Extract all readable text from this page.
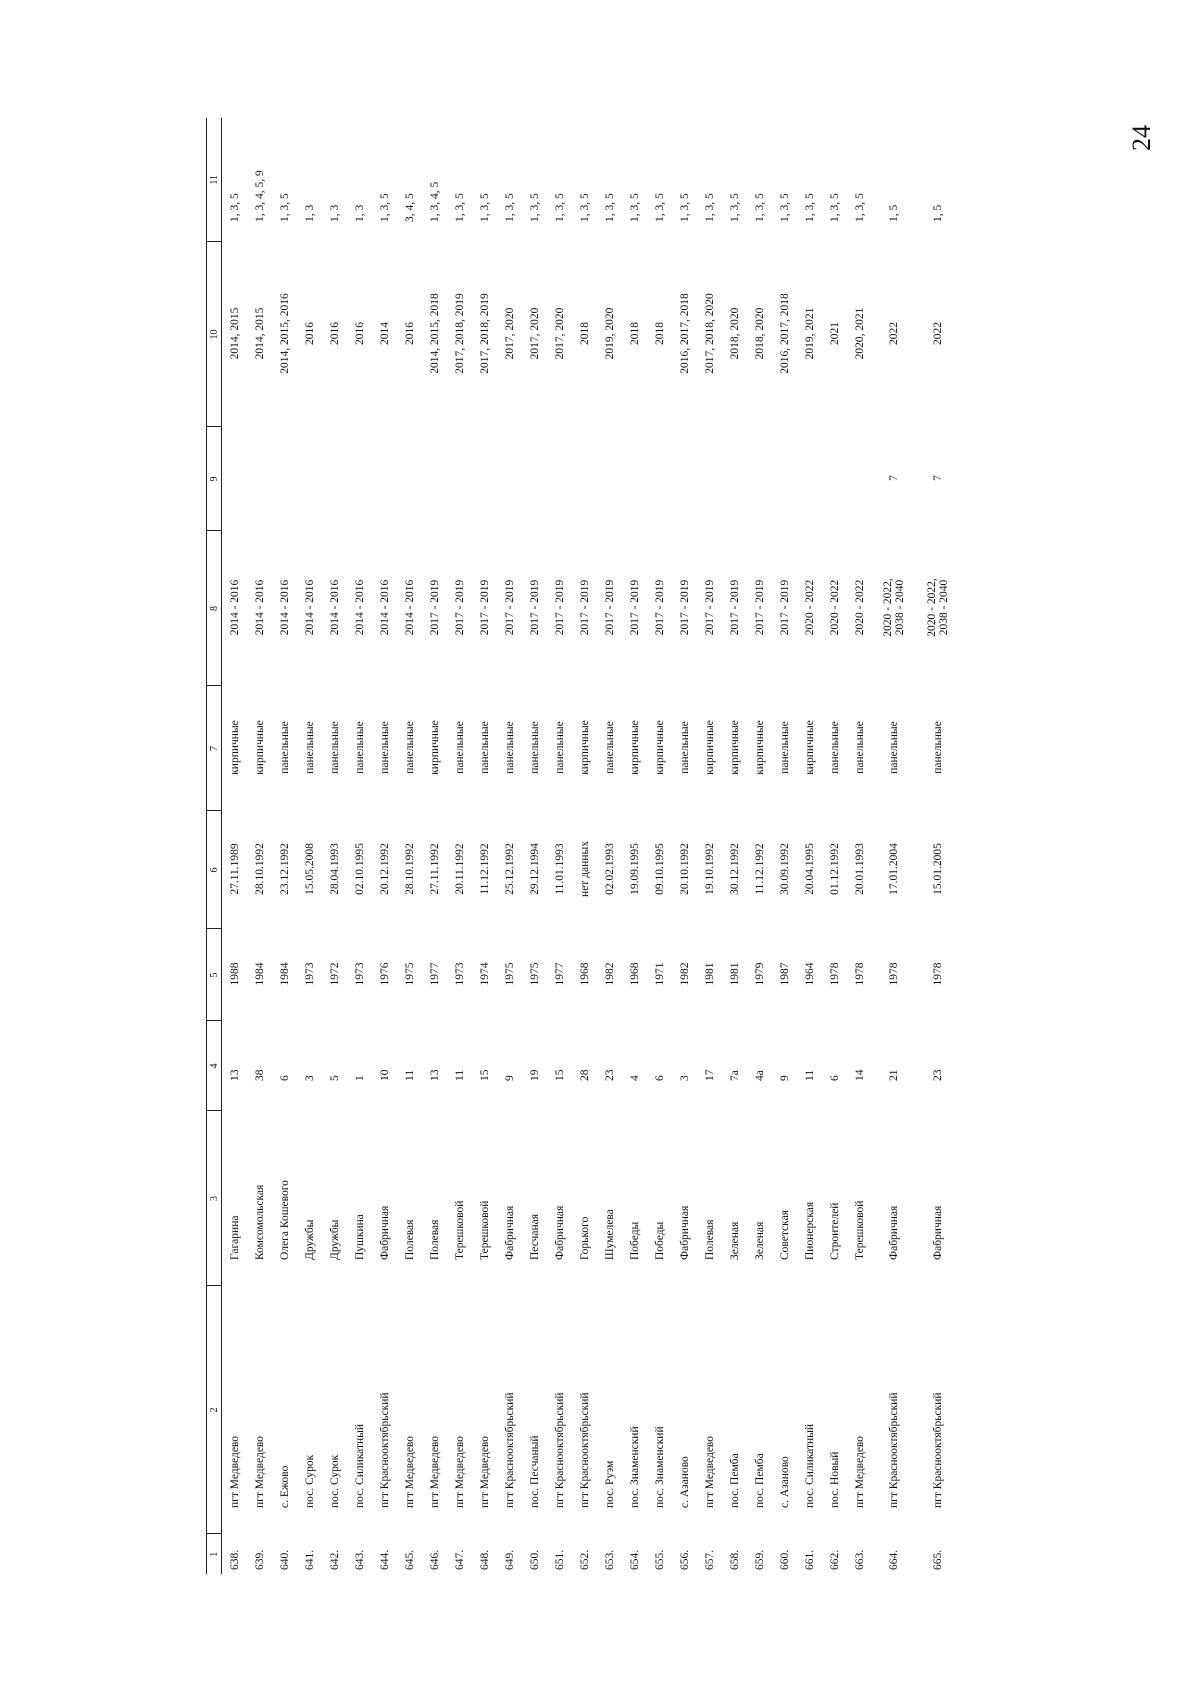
24
1	2	3	4	5	6	7	8	9	10	11
638.	пгт Медведево	Гагарина	13	1988	27.11.1989	кирпичные	2014 - 2016		2014, 2015	1, 3, 5
639.	пгт Медведево	Комсомольская	38	1984	28.10.1992	кирпичные	2014 - 2016		2014, 2015	1, 3, 4, 5, 9
640.	с. Ежово	Олега Кошевого	6	1984	23.12.1992	панельные	2014 - 2016		2014, 2015, 2016	1, 3, 5
641.	пос. Сурок	Дружбы	3	1973	15.05.2008	панельные	2014 - 2016		2016	1, 3
642.	пос. Сурок	Дружбы	5	1972	28.04.1993	панельные	2014 - 2016		2016	1, 3
643.	пос. Силикатный	Пушкина	1	1973	02.10.1995	панельные	2014 - 2016		2016	1, 3
644.	пгт Краснооктябрьский	Фабричная	10	1976	20.12.1992	панельные	2014 - 2016		2014	1, 3, 5
645.	пгт Медведево	Полевая	11	1975	28.10.1992	панельные	2014 - 2016		2016	3, 4, 5
646.	пгт Медведево	Полевая	13	1977	27.11.1992	кирпичные	2017 - 2019		2014, 2015, 2018	1, 3, 4, 5
647.	пгт Медведево	Терешковой	11	1973	20.11.1992	панельные	2017 - 2019		2017, 2018, 2019	1, 3, 5
648.	пгт Медведево	Терешковой	15	1974	11.12.1992	панельные	2017 - 2019		2017, 2018, 2019	1, 3, 5
649.	пгт Краснооктябрьский	Фабричная	9	1975	25.12.1992	панельные	2017 - 2019		2017, 2020	1, 3, 5
650.	пос. Песчаный	Песчаная	19	1975	29.12.1994	панельные	2017 - 2019		2017, 2020	1, 3, 5
651.	пгт Краснооктябрьский	Фабричная	15	1977	11.01.1993	панельные	2017 - 2019		2017, 2020	1, 3, 5
652.	пгт Краснооктябрьский	Горького	28	1968	нет данных	кирпичные	2017 - 2019		2018	1, 3, 5
653.	пос. Руэм	Шумелева	23	1982	02.02.1993	панельные	2017 - 2019		2019, 2020	1, 3, 5
654.	пос. Знаменский	Победы	4	1968	19.09.1995	кирпичные	2017 - 2019		2018	1, 3, 5
655.	пос. Знаменский	Победы	6	1971	09.10.1995	кирпичные	2017 - 2019		2018	1, 3, 5
656.	с. Азаново	Фабричная	3	1982	20.10.1992	панельные	2017 - 2019		2016, 2017, 2018	1, 3, 5
657.	пгт Медведево	Полевая	17	1981	19.10.1992	кирпичные	2017 - 2019		2017, 2018, 2020	1, 3, 5
658.	пос. Пемба	Зеленая	7а	1981	30.12.1992	кирпичные	2017 - 2019		2018, 2020	1, 3, 5
659.	пос. Пемба	Зеленая	4а	1979	11.12.1992	кирпичные	2017 - 2019		2018, 2020	1, 3, 5
660.	с. Азаново	Советская	9	1987	30.09.1992	панельные	2017 - 2019		2016, 2017, 2018	1, 3, 5
661.	пос. Силикатный	Пионерская	11	1964	20.04.1995	кирпичные	2020 - 2022		2019, 2021	1, 3, 5
662.	пос. Новый	Строителей	6	1978	01.12.1992	панельные	2020 - 2022		2021	1, 3, 5
663.	пгт Медведево	Терешковой	14	1978	20.01.1993	панельные	2020 - 2022		2020, 2021	1, 3, 5
664.	пгт Краснооктябрьский	Фабричная	21	1978	17.01.2004	панельные	2020 - 2022,
2038 - 2040	7	2022	1, 5
665.	пгт Краснооктябрьский	Фабричная	23	1978	15.01.2005	панельные	2020 - 2022,
2038 - 2040	7	2022	1, 5
